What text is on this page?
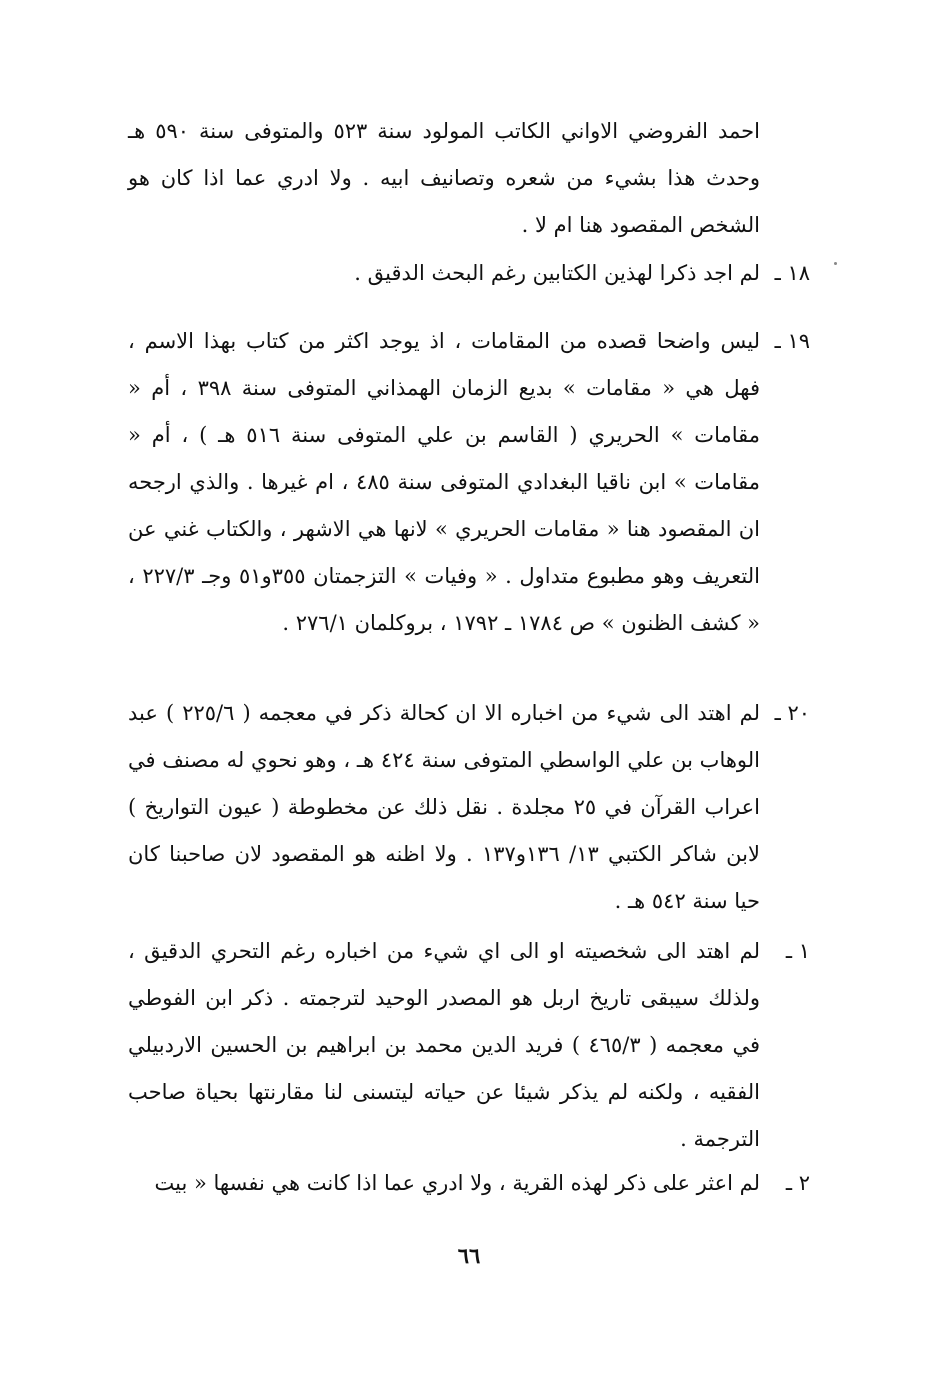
احمد الفروضي الاواني الكاتب المولود سنة ٥٢٣ والمتوفى سنة ٥٩٠ هـ وحدث هذا بشيء من شعره وتصانيف ابيه . ولا ادري عما اذا كان هو الشخص المقصود هنا ام لا .
١٨ ـ
لم اجد ذكرا لهذين الكتابين رغم البحث الدقيق .
١٩ ـ
ليس واضحا قصده من المقامات ، اذ يوجد اكثر من كتاب بهذا الاسم ، فهل هي « مقامات » بديع الزمان الهمذاني المتوفى سنة ٣٩٨ ، أم « مقامات » الحريري ( القاسم بن علي المتوفى سنة ٥١٦ هـ ) ، أم « مقامات » ابن ناقيا البغدادي المتوفى سنة ٤٨٥ ، ام غيرها . والذي ارجحه ان المقصود هنا « مقامات الحريري » لانها هي الاشهر ، والكتاب غني عن التعريف وهو مطبوع متداول . « وفيات » التزجمتان ٣٥٥و٥١ وجـ ٢٢٧/٣ ، « كشف الظنون » ص ١٧٨٤ ـ ١٧٩٢ ، بروكلمان ٢٧٦/١ .
٢٠ ـ
لم اهتد الى شيء من اخباره الا ان كحالة ذكر في معجمه ( ٢٢٥/٦ ) عبد الوهاب بن علي الواسطي المتوفى سنة ٤٢٤ هـ ، وهو نحوي له مصنف في اعراب القرآن في ٢٥ مجلدة . نقل ذلك عن مخطوطة ( عيون التواريخ ) لابن شاكر الكتبي ١٣/ ١٣٦و١٣٧ . ولا اظنه هو المقصود لان صاحبنا كان حيا سنة ٥٤٢ هـ .
١ ـ
لم اهتد الى شخصيته او الى اي شيء من اخباره رغم التحري الدقيق ، ولذلك سيبقى تاريخ اربل هو المصدر الوحيد لترجمته . ذكر ابن الفوطي في معجمه ( ٤٦٥/٣ ) فريد الدين محمد بن ابراهيم بن الحسين الاردبيلي الفقيه ، ولكنه لم يذكر شيئا عن حياته ليتسنى لنا مقارنتها بحياة صاحب الترجمة .
٢ ـ
لم اعثر على ذكر لهذه القرية ، ولا ادري عما اذا كانت هي نفسها « بيت
٦٦
